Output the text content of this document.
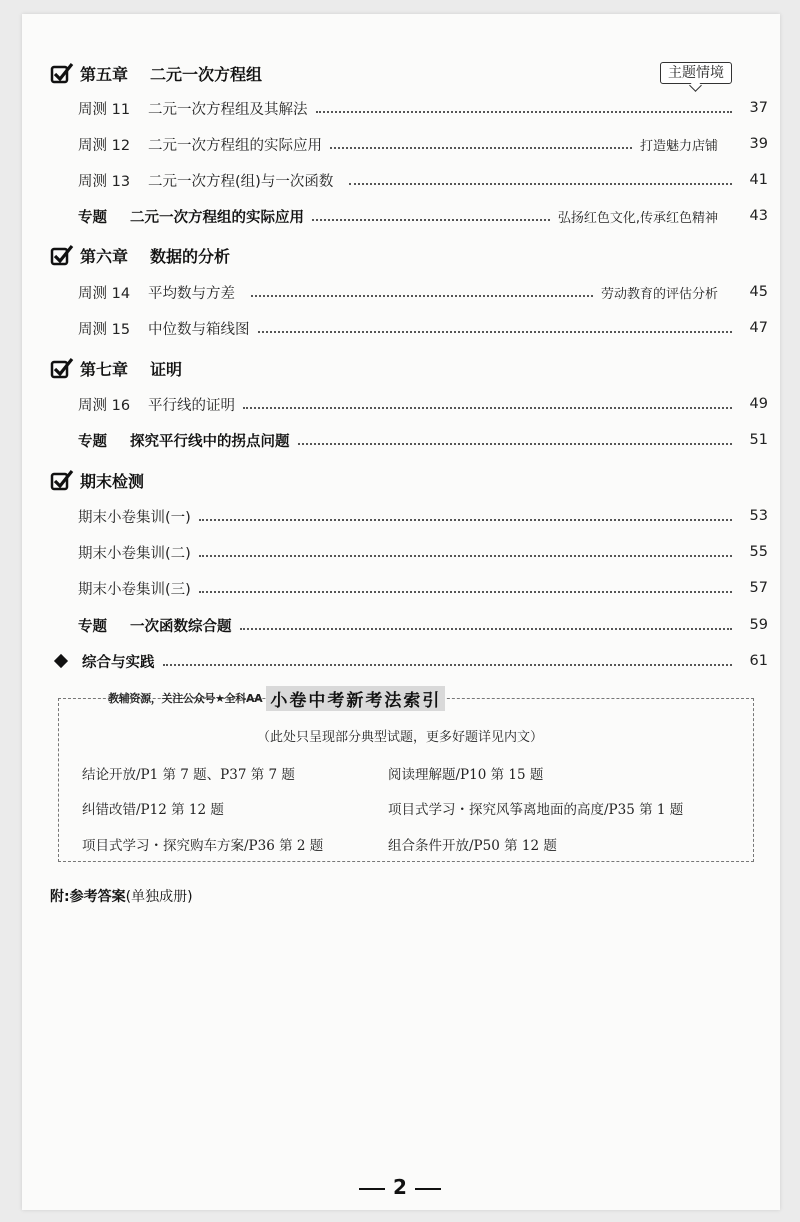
主题情境
第五章 二元一次方程组
周测 11	二元一次方程组及其解法	37
周测 12	二元一次方程组的实际应用	打造魅力店铺	39
周测 13	二元一次方程(组)与一次函数	41
专题	二元一次方程组的实际应用	弘扬红色文化,传承红色精神	43
第六章 数据的分析
周测 14	平均数与方差	劳动教育的评估分析	45
周测 15	中位数与箱线图	47
第七章 证明
周测 16	平行线的证明	49
专题	探究平行线中的拐点问题	51
期末检测
期末小卷集训(一)	53
期末小卷集训(二)	55
期末小卷集训(三)	57
专题	一次函数综合题	59
综合与实践	61
教辅资源，关注公众号★全科AA 小卷中考新考法索引
（此处只呈现部分典型试题，更多好题详见内文）
结论开放/P1 第 7 题、P37 第 7 题	阅读理解题/P10 第 15 题
纠错改错/P12 第 12 题	项目式学习・探究风筝离地面的高度/P35 第 1 题
项目式学习・探究购车方案/P36 第 2 题	组合条件开放/P50 第 12 题
附:参考答案(单独成册)
2
